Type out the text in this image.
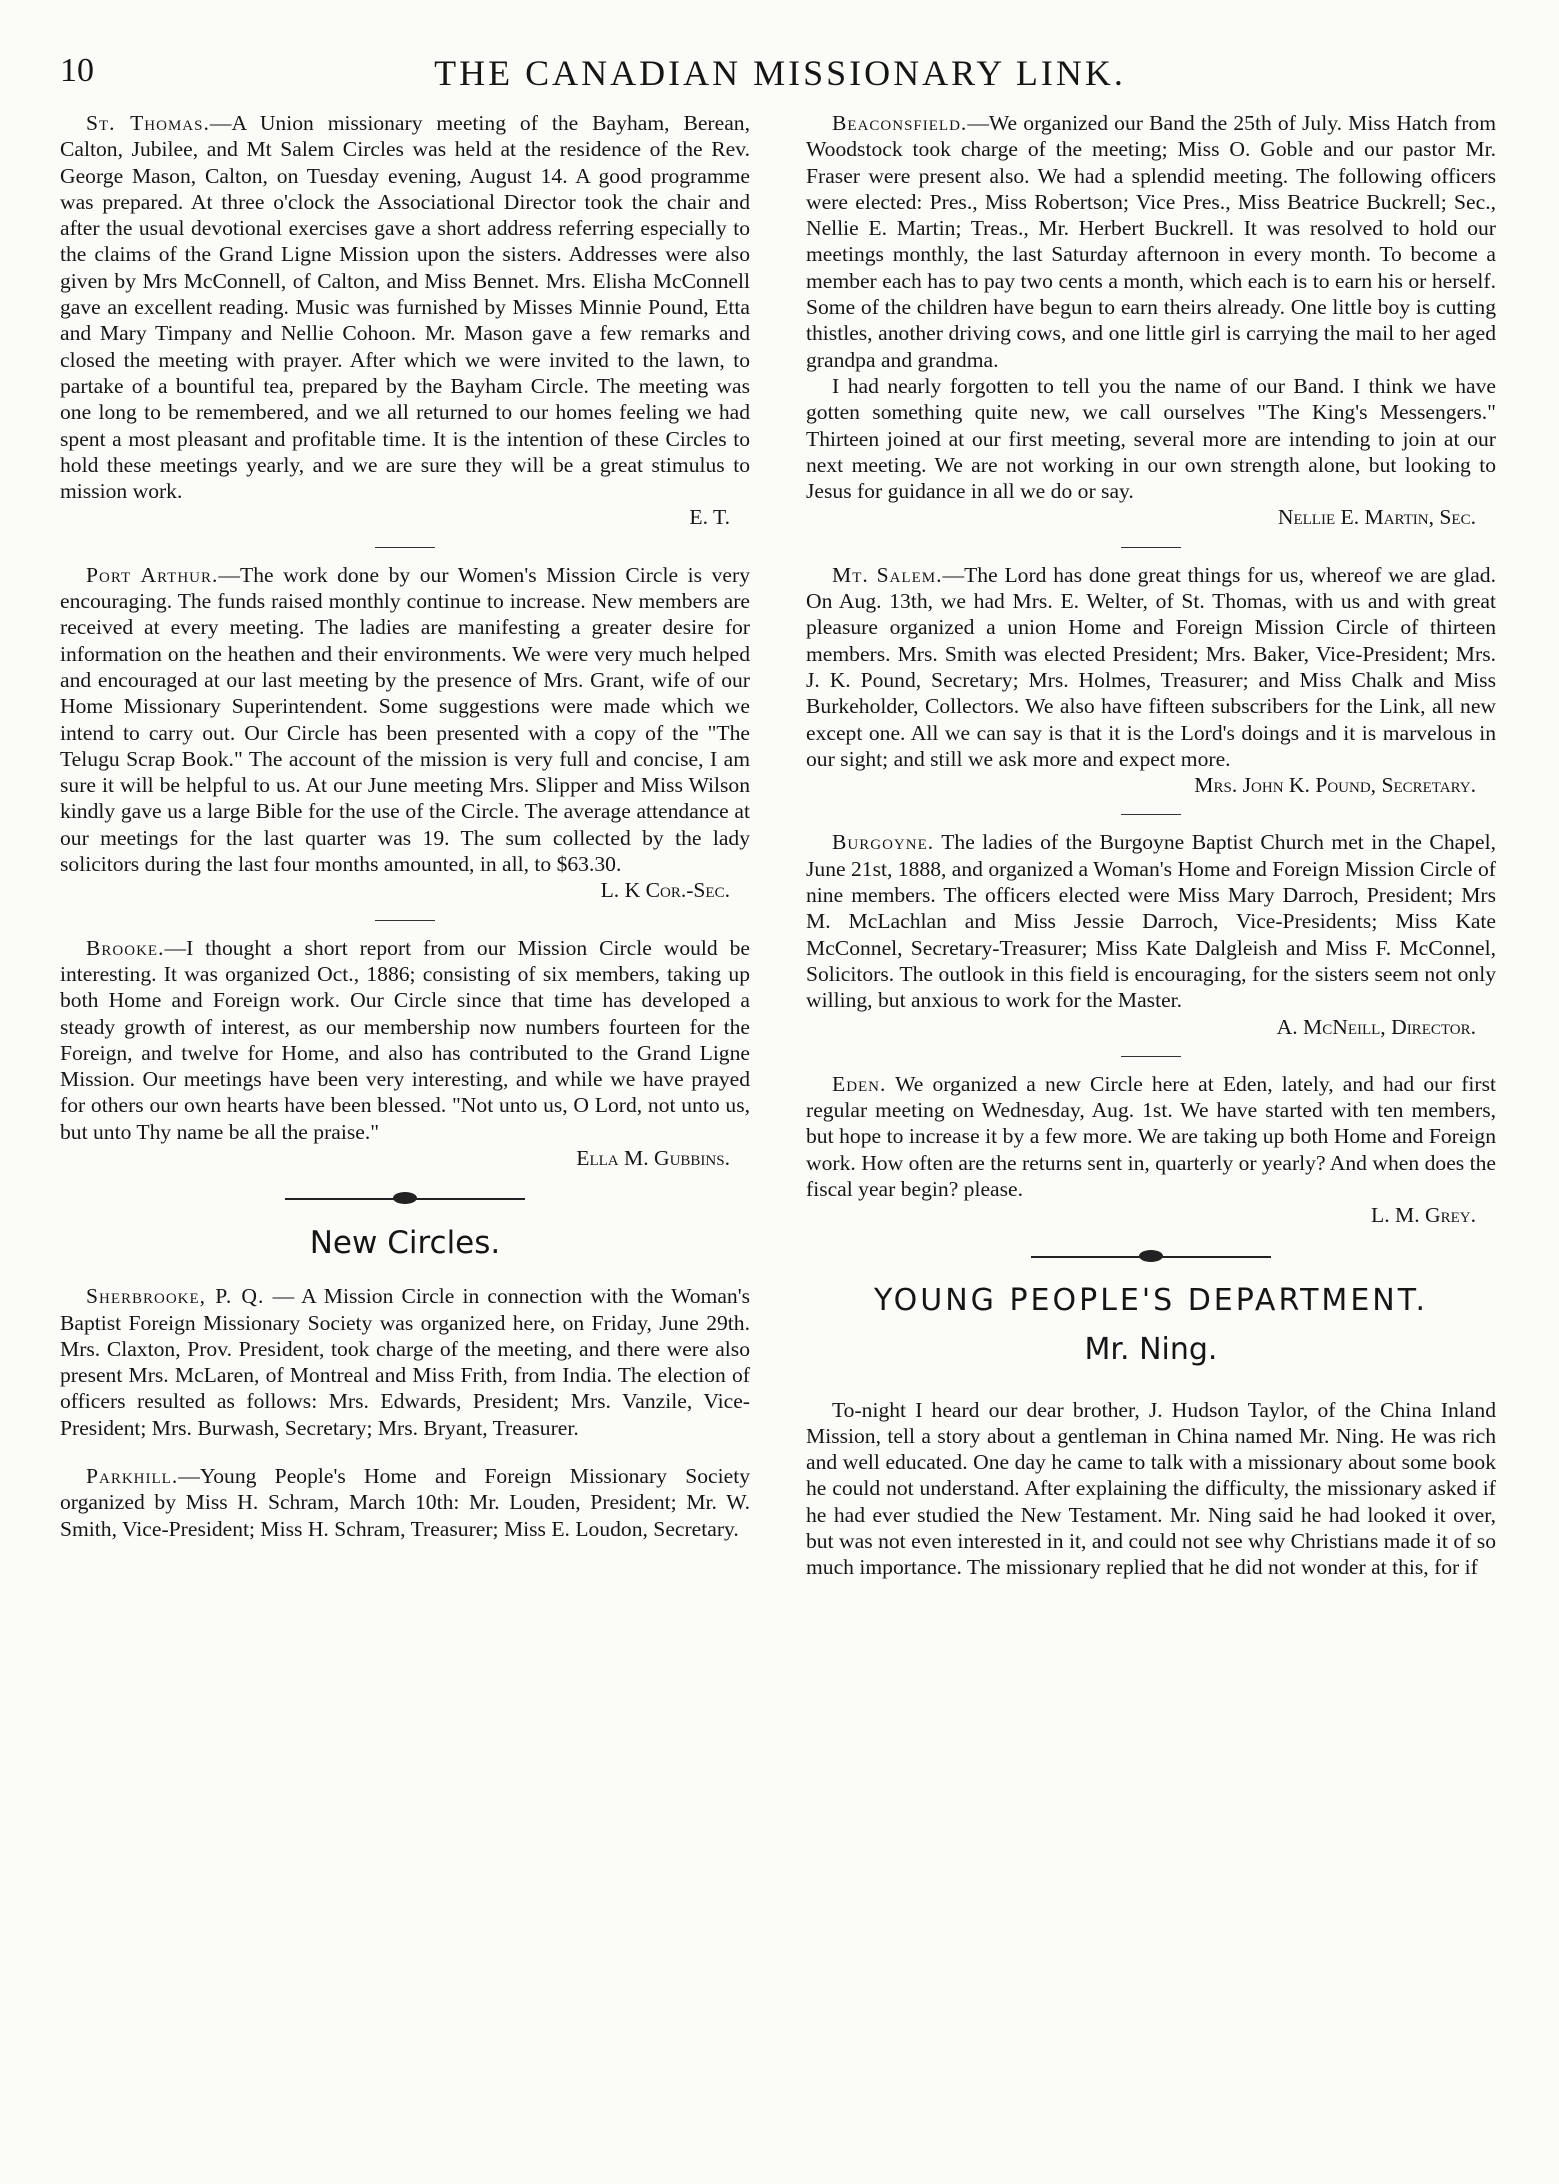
10	THE CANADIAN MISSIONARY LINK.

St. Thomas.—A Union missionary meeting of the Bayham, Berean, Calton, Jubilee, and Mt Salem Circles was held at the residence of the Rev. George Mason, Calton, on Tuesday evening, August 14. A good programme was prepared. At three o'clock the Associational Director took the chair and after the usual devotional exercises gave a short address referring especially to the claims of the Grand Ligne Mission upon the sisters. Addresses were also given by Mrs McConnell, of Calton, and Miss Bennet. Mrs. Elisha McConnell gave an excellent reading. Music was furnished by Misses Minnie Pound, Etta and Mary Timpany and Nellie Cohoon. Mr. Mason gave a few remarks and closed the meeting with prayer. After which we were invited to the lawn, to partake of a bountiful tea, prepared by the Bayham Circle. The meeting was one long to be remembered, and we all returned to our homes feeling we had spent a most pleasant and profitable time. It is the intention of these Circles to hold these meetings yearly, and we are sure they will be a great stimulus to mission work.
E. T.

Port Arthur.—The work done by our Women's Mission Circle is very encouraging. The funds raised monthly continue to increase. New members are received at every meeting. The ladies are manifesting a greater desire for information on the heathen and their environments. We were very much helped and encouraged at our last meeting by the presence of Mrs. Grant, wife of our Home Missionary Superintendent. Some suggestions were made which we intend to carry out. Our Circle has been presented with a copy of the "The Telugu Scrap Book." The account of the mission is very full and concise, I am sure it will be helpful to us. At our June meeting Mrs. Slipper and Miss Wilson kindly gave us a large Bible for the use of the Circle. The average attendance at our meetings for the last quarter was 19. The sum collected by the lady solicitors during the last four months amounted, in all, to $63.30.
L. K Cor.-Sec.

Brooke.—I thought a short report from our Mission Circle would be interesting. It was organized Oct., 1886; consisting of six members, taking up both Home and Foreign work. Our Circle since that time has developed a steady growth of interest, as our membership now numbers fourteen for the Foreign, and twelve for Home, and also has contributed to the Grand Ligne Mission. Our meetings have been very interesting, and while we have prayed for others our own hearts have been blessed. "Not unto us, O Lord, not unto us, but unto Thy name be all the praise."
Ella M. Gubbins.

New Circles.

Sherbrooke, P. Q. — A Mission Circle in connection with the Woman's Baptist Foreign Missionary Society was organized here, on Friday, June 29th. Mrs. Claxton, Prov. President, took charge of the meeting, and there were also present Mrs. McLaren, of Montreal and Miss Frith, from India. The election of officers resulted as follows: Mrs. Edwards, President; Mrs. Vanzile, Vice-President; Mrs. Burwash, Secretary; Mrs. Bryant, Treasurer.

Parkhill.—Young People's Home and Foreign Missionary Society organized by Miss H. Schram, March 10th: Mr. Louden, President; Mr. W. Smith, Vice-President; Miss H. Schram, Treasurer; Miss E. Loudon, Secretary.

Beaconsfield.—We organized our Band the 25th of July. Miss Hatch from Woodstock took charge of the meeting; Miss O. Goble and our pastor Mr. Fraser were present also. We had a splendid meeting. The following officers were elected: Pres., Miss Robertson; Vice Pres., Miss Beatrice Buckrell; Sec., Nellie E. Martin; Treas., Mr. Herbert Buckrell. It was resolved to hold our meetings monthly, the last Saturday afternoon in every month. To become a member each has to pay two cents a month, which each is to earn his or herself. Some of the children have begun to earn theirs already. One little boy is cutting thistles, another driving cows, and one little girl is carrying the mail to her aged grandpa and grandma.

I had nearly forgotten to tell you the name of our Band. I think we have gotten something quite new, we call ourselves "The King's Messengers." Thirteen joined at our first meeting, several more are intending to join at our next meeting. We are not working in our own strength alone, but looking to Jesus for guidance in all we do or say.
Nellie E. Martin, Sec.

Mt. Salem.—The Lord has done great things for us, whereof we are glad. On Aug. 13th, we had Mrs. E. Welter, of St. Thomas, with us and with great pleasure organized a union Home and Foreign Mission Circle of thirteen members. Mrs. Smith was elected President; Mrs. Baker, Vice-President; Mrs. J. K. Pound, Secretary; Mrs. Holmes, Treasurer; and Miss Chalk and Miss Burkeholder, Collectors. We also have fifteen subscribers for the Link, all new except one. All we can say is that it is the Lord's doings and it is marvelous in our sight; and still we ask more and expect more.
Mrs. John K. Pound, Secretary.

Burgoyne. The ladies of the Burgoyne Baptist Church met in the Chapel, June 21st, 1888, and organized a Woman's Home and Foreign Mission Circle of nine members. The officers elected were Miss Mary Darroch, President; Mrs M. McLachlan and Miss Jessie Darroch, Vice-Presidents; Miss Kate McConnel, Secretary-Treasurer; Miss Kate Dalgleish and Miss F. McConnel, Solicitors. The outlook in this field is encouraging, for the sisters seem not only willing, but anxious to work for the Master.
A. McNeill, Director.

Eden. We organized a new Circle here at Eden, lately, and had our first regular meeting on Wednesday, Aug. 1st. We have started with ten members, but hope to increase it by a few more. We are taking up both Home and Foreign work. How often are the returns sent in, quarterly or yearly? And when does the fiscal year begin? please.
L. M. Grey.

YOUNG PEOPLE'S DEPARTMENT.
Mr. Ning.

To-night I heard our dear brother, J. Hudson Taylor, of the China Inland Mission, tell a story about a gentleman in China named Mr. Ning. He was rich and well educated. One day he came to talk with a missionary about some book he could not understand. After explaining the difficulty, the missionary asked if he had ever studied the New Testament. Mr. Ning said he had looked it over, but was not even interested in it, and could not see why Christians made it of so much importance. The missionary replied that he did not wonder at this, for if
